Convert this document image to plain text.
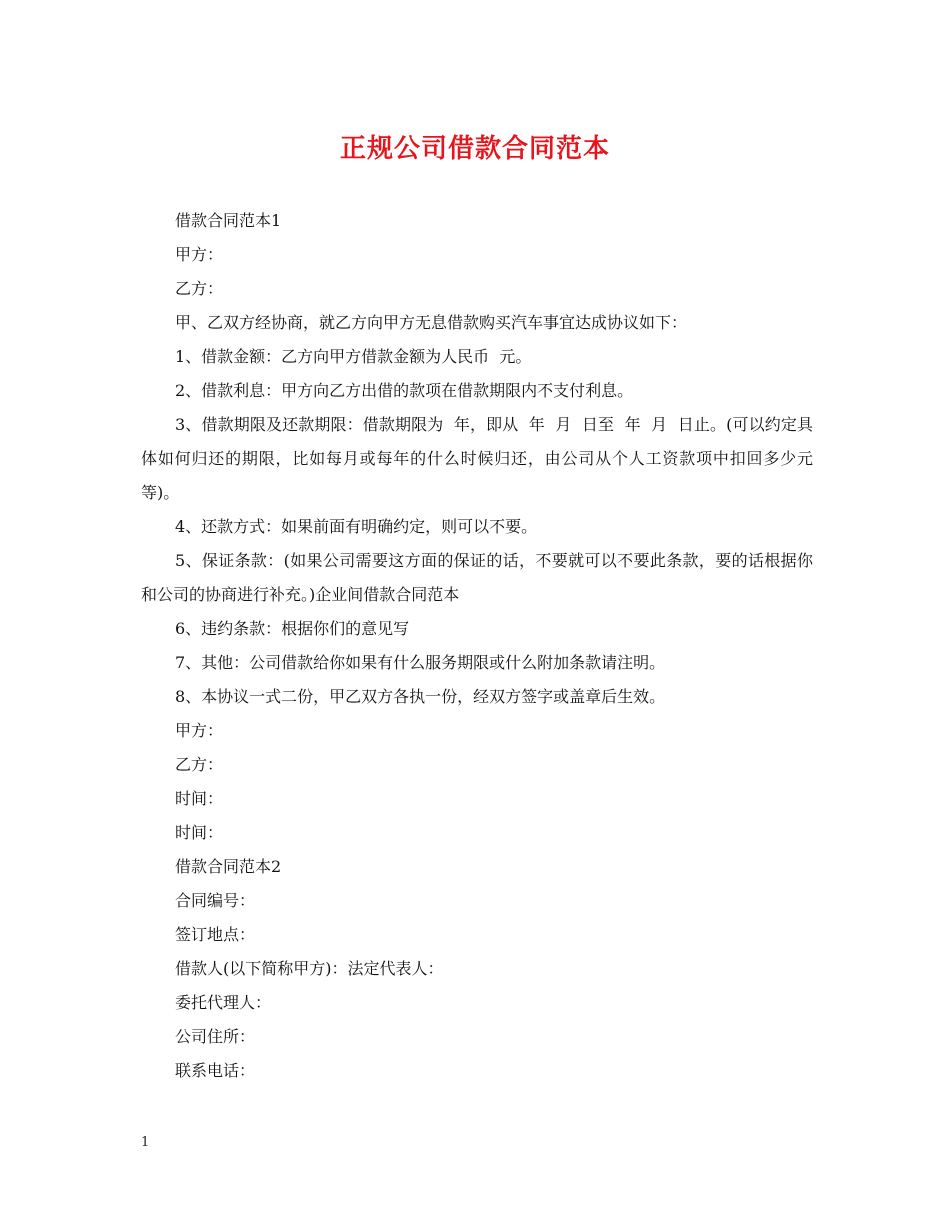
正规公司借款合同范本

借款合同范本1

甲方：

乙方：

甲、乙双方经协商，就乙方向甲方无息借款购买汽车事宜达成协议如下：

1、借款金额：乙方向甲方借款金额为人民币  元。

2、借款利息：甲方向乙方出借的款项在借款期限内不支付利息。

3、借款期限及还款期限：借款期限为  年，即从  年  月  日至  年  月  日止。(可以约定具体如何归还的期限，比如每月或每年的什么时候归还，由公司从个人工资款项中扣回多少元等)。

4、还款方式：如果前面有明确约定，则可以不要。

5、保证条款：(如果公司需要这方面的保证的话，不要就可以不要此条款，要的话根据你和公司的协商进行补充。)企业间借款合同范本

6、违约条款：根据你们的意见写

7、其他：公司借款给你如果有什么服务期限或什么附加条款请注明。

8、本协议一式二份，甲乙双方各执一份，经双方签字或盖章后生效。

甲方：

乙方：

时间：

时间：

借款合同范本2

合同编号：

签订地点：

借款人(以下简称甲方)：法定代表人：

委托代理人：

公司住所：

联系电话：

1
